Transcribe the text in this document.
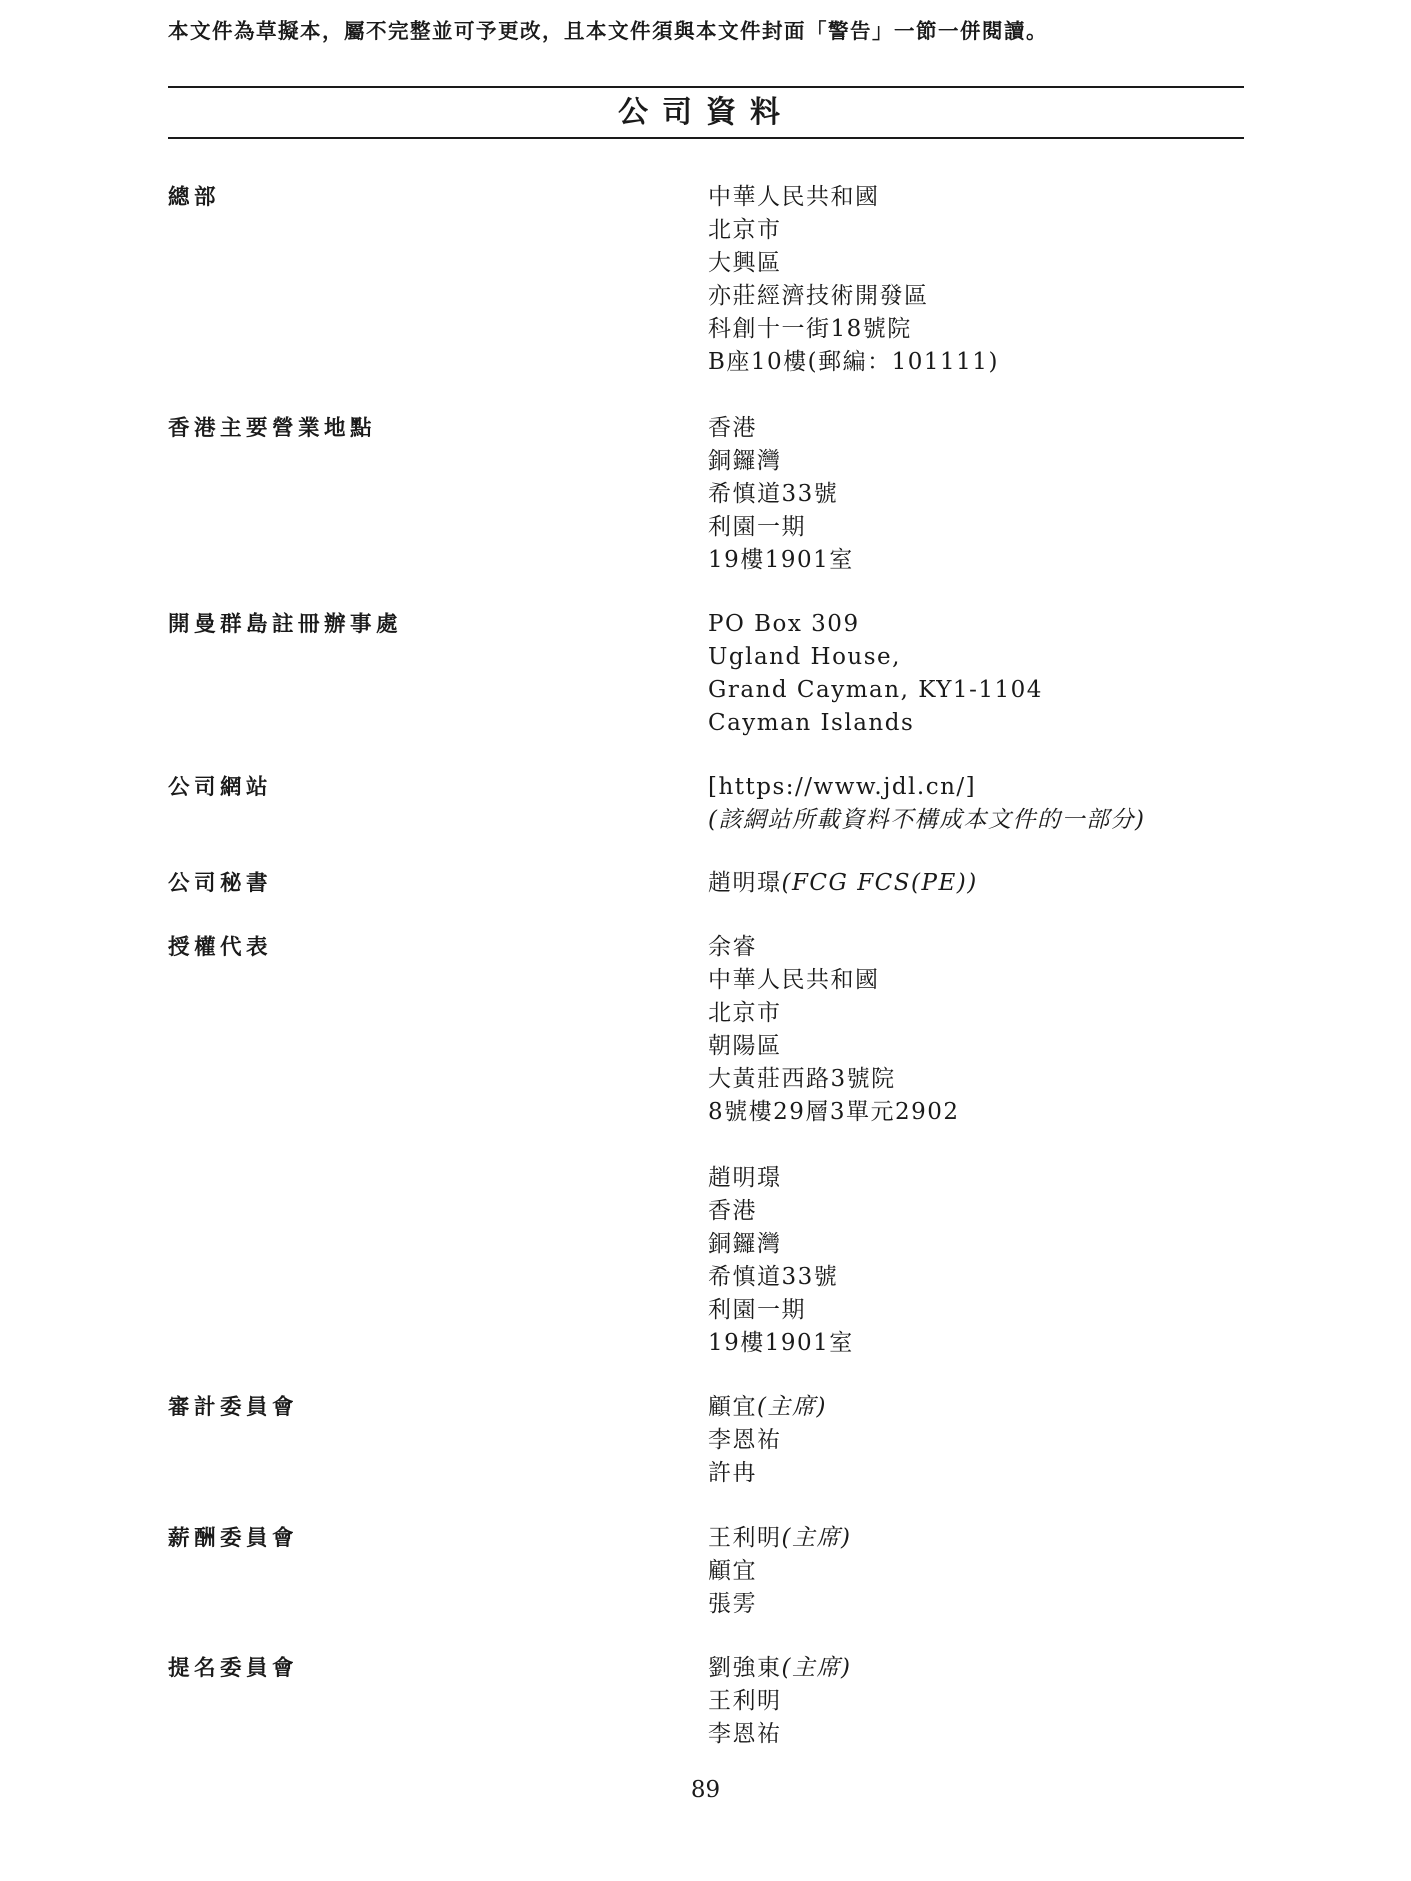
本文件為草擬本，屬不完整並可予更改，且本文件須與本文件封面「警告」一節一併閱讀。
公司資料
總部	中華人民共和國
北京市
大興區
亦莊經濟技術開發區
科創十一街18號院
B座10樓(郵編：101111)
香港主要營業地點	香港
銅鑼灣
希慎道33號
利園一期
19樓1901室
開曼群島註冊辦事處	PO Box 309
Ugland House,
Grand Cayman, KY1-1104
Cayman Islands
公司網站	[https://www.jdl.cn/]
(該網站所載資料不構成本文件的一部分)
公司秘書	趙明璟(FCG FCS(PE))
授權代表	余睿
中華人民共和國
北京市
朝陽區
大黃莊西路3號院
8號樓29層3單元2902
趙明璟
香港
銅鑼灣
希慎道33號
利園一期
19樓1901室
審計委員會	顧宜(主席)
李恩祐
許冉
薪酬委員會	王利明(主席)
顧宜
張雱
提名委員會	劉強東(主席)
王利明
李恩祐
89
